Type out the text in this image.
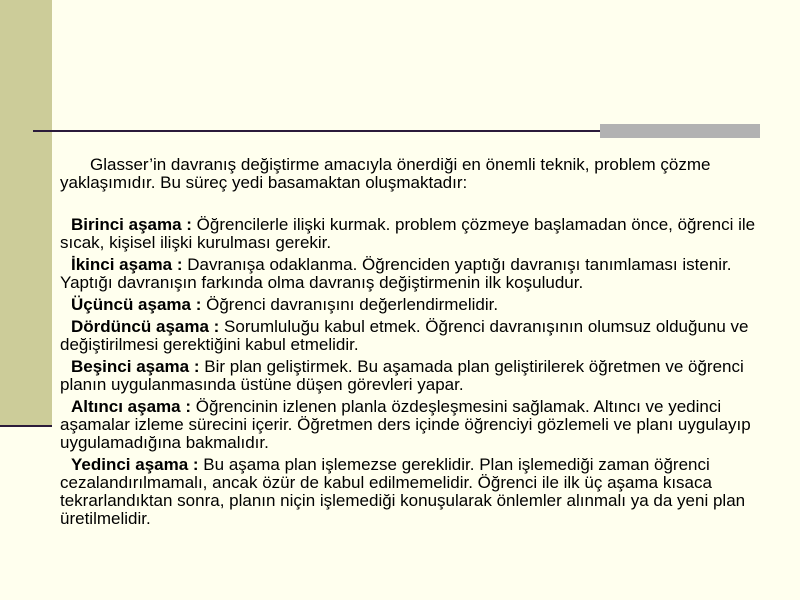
Glasser’in davranış değiştirme amacıyla önerdiği en önemli teknik, problem çözme yaklaşımıdır. Bu süreç yedi basamaktan oluşmaktadır:

Birinci aşama : Öğrencilerle ilişki kurmak. problem çözmeye başlamadan önce, öğrenci ile sıcak, kişisel ilişki kurulması gerekir.

İkinci aşama : Davranışa odaklanma. Öğrenciden yaptığı davranışı tanımlaması istenir. Yaptığı davranışın farkında olma davranış değiştirmenin ilk koşuludur.

Üçüncü aşama : Öğrenci davranışını değerlendirmelidir.

Dördüncü aşama : Sorumluluğu kabul etmek. Öğrenci davranışının olumsuz olduğunu ve değiştirilmesi gerektiğini kabul etmelidir.

Beşinci aşama : Bir plan geliştirmek. Bu aşamada plan geliştirilerek öğretmen ve öğrenci planın uygulanmasında üstüne düşen görevleri yapar.

Altıncı aşama : Öğrencinin izlenen planla özdeşleşmesini sağlamak. Altıncı ve yedinci aşamalar izleme sürecini içerir. Öğretmen ders içinde öğrenciyi gözlemeli ve planı uygulayıp uygulamadığına bakmalıdır.

Yedinci aşama : Bu aşama plan işlemezse gereklidir. Plan işlemediği zaman öğrenci cezalandırılmamalı, ancak özür de kabul edilmemelidir. Öğrenci ile ilk üç aşama kısaca tekrarlandıktan sonra, planın niçin işlemediği konuşularak önlemler alınmalı ya da yeni plan üretilmelidir.
